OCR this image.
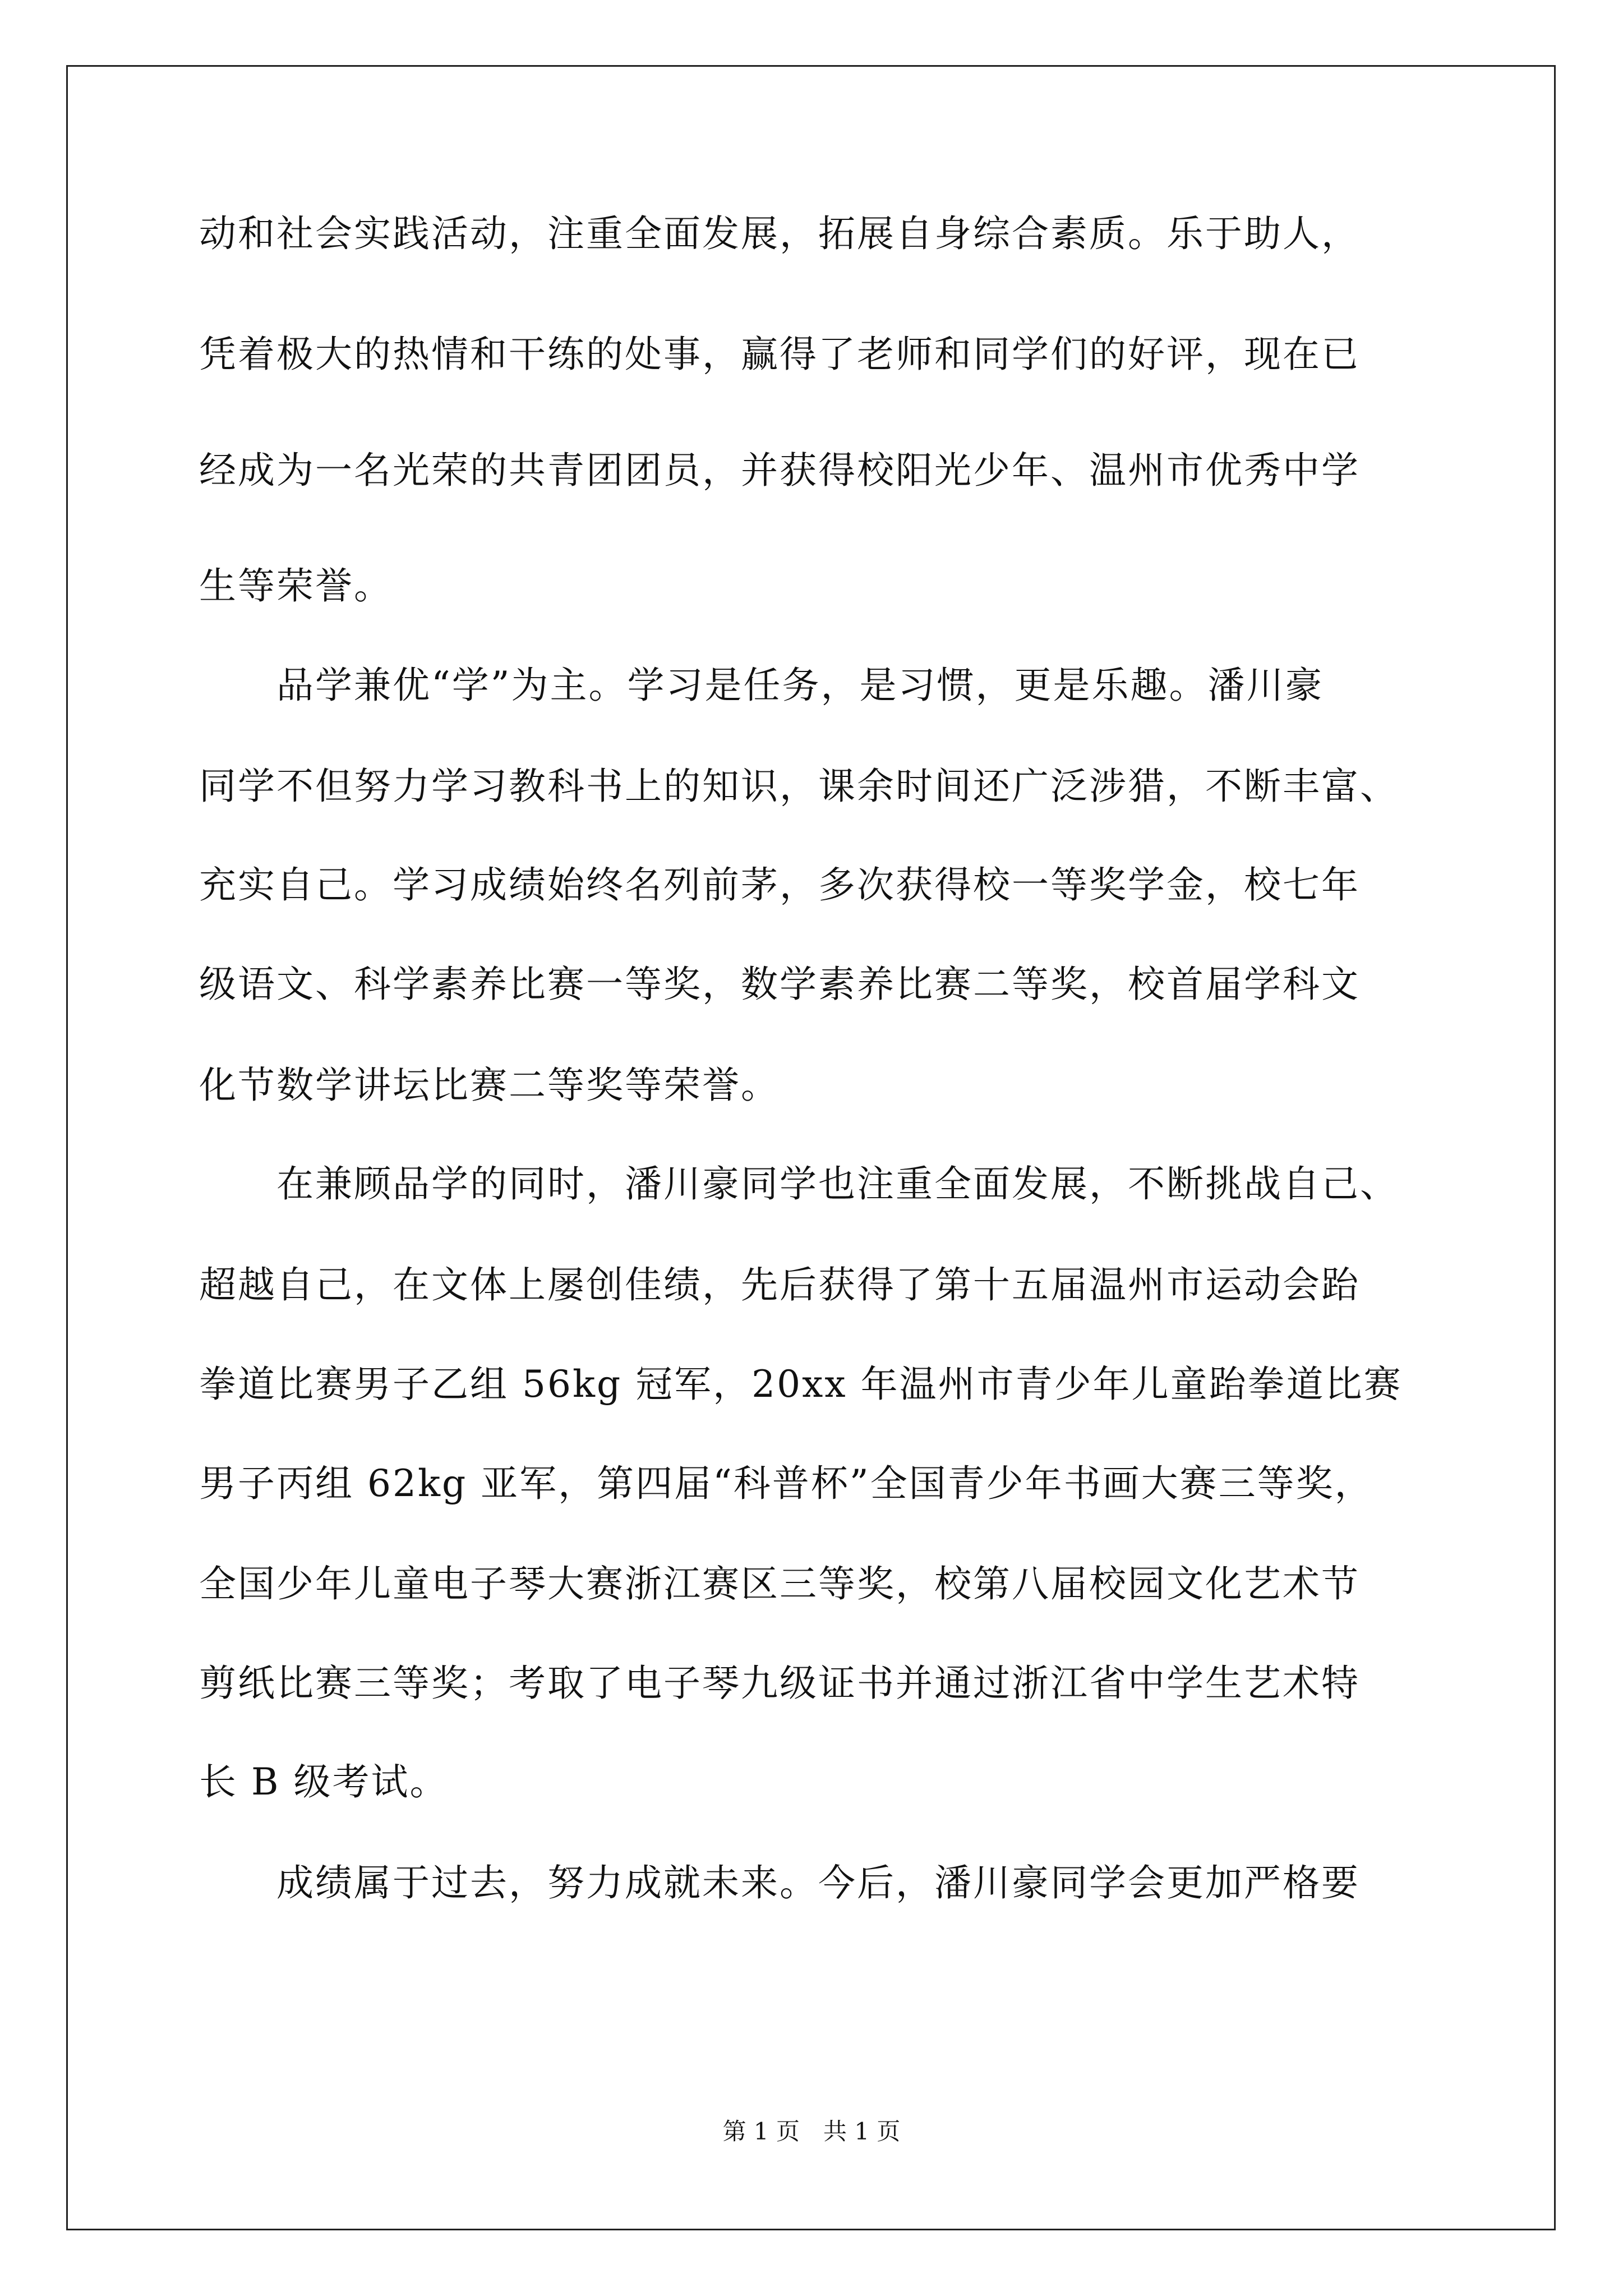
动和社会实践活动，注重全面发展，拓展自身综合素质。乐于助人，
凭着极大的热情和干练的处事，赢得了老师和同学们的好评，现在已
经成为一名光荣的共青团团员，并获得校阳光少年、温州市优秀中学
生等荣誉。
　　品学兼优“学”为主。学习是任务，是习惯，更是乐趣。潘川豪
同学不但努力学习教科书上的知识，课余时间还广泛涉猎，不断丰富、
充实自己。学习成绩始终名列前茅，多次获得校一等奖学金，校七年
级语文、科学素养比赛一等奖，数学素养比赛二等奖，校首届学科文
化节数学讲坛比赛二等奖等荣誉。
　　在兼顾品学的同时，潘川豪同学也注重全面发展，不断挑战自己、
超越自己，在文体上屡创佳绩，先后获得了第十五届温州市运动会跆
拳道比赛男子乙组 56kg 冠军，20xx 年温州市青少年儿童跆拳道比赛
男子丙组 62kg 亚军，第四届“科普杯”全国青少年书画大赛三等奖，
全国少年儿童电子琴大赛浙江赛区三等奖，校第八届校园文化艺术节
剪纸比赛三等奖；考取了电子琴九级证书并通过浙江省中学生艺术特
长 B 级考试。
　　成绩属于过去，努力成就未来。今后，潘川豪同学会更加严格要
第 1 页　共 1 页
